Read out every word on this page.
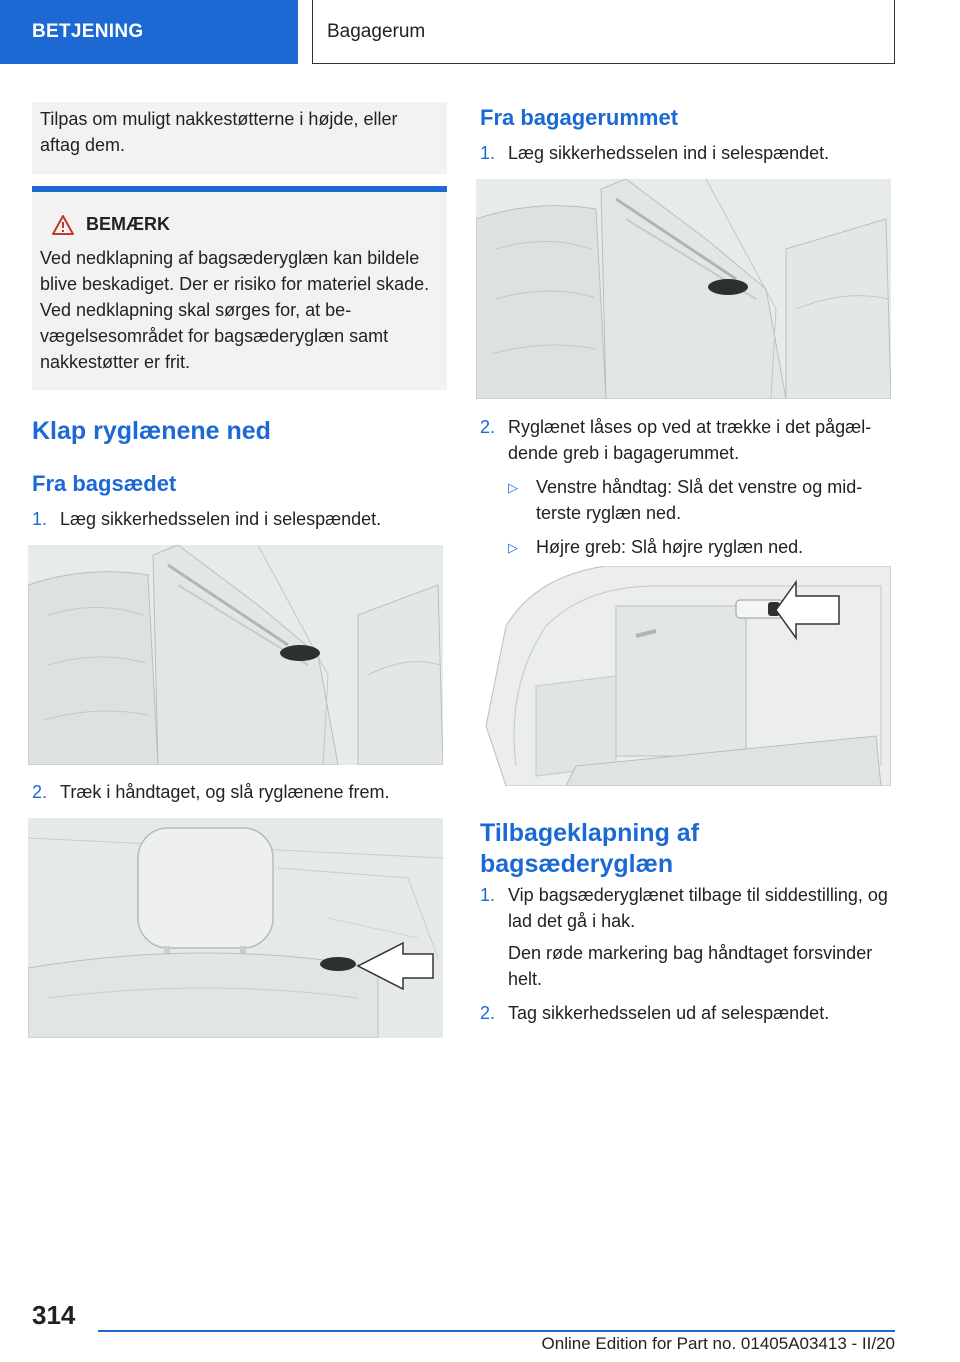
BETJENING	Bagagerum
Tilpas om muligt nakkestøtterne i højde, eller aftag dem.
BEMÆRK
Ved nedklapning af bagsæderyglæn kan bildele blive beskadiget. Der er risiko for materiel skade. Ved nedklapning skal sørges for, at bevægelsesområdet for bagsæderyglæn samt nakkestøtter er frit.
Klap ryglænene ned
Fra bagsædet
1. Læg sikkerhedsselen ind i selespændet.
2. Træk i håndtaget, og slå ryglænene frem.
Fra bagagerummet
1. Læg sikkerhedsselen ind i selespændet.
2. Ryglænet låses op ved at trække i det pågældende greb i bagagerummet.
▷	Venstre håndtag: Slå det venstre og midterste ryglæn ned.
▷	Højre greb: Slå højre ryglæn ned.
Tilbageklapning af bagsæderyglæn
1. Vip bagsæderyglænet tilbage til siddestilling, og lad det gå i hak.
Den røde markering bag håndtaget forsvinder helt.
2. Tag sikkerhedsselen ud af selespændet.
314
Online Edition for Part no. 01405A03413 - II/20
